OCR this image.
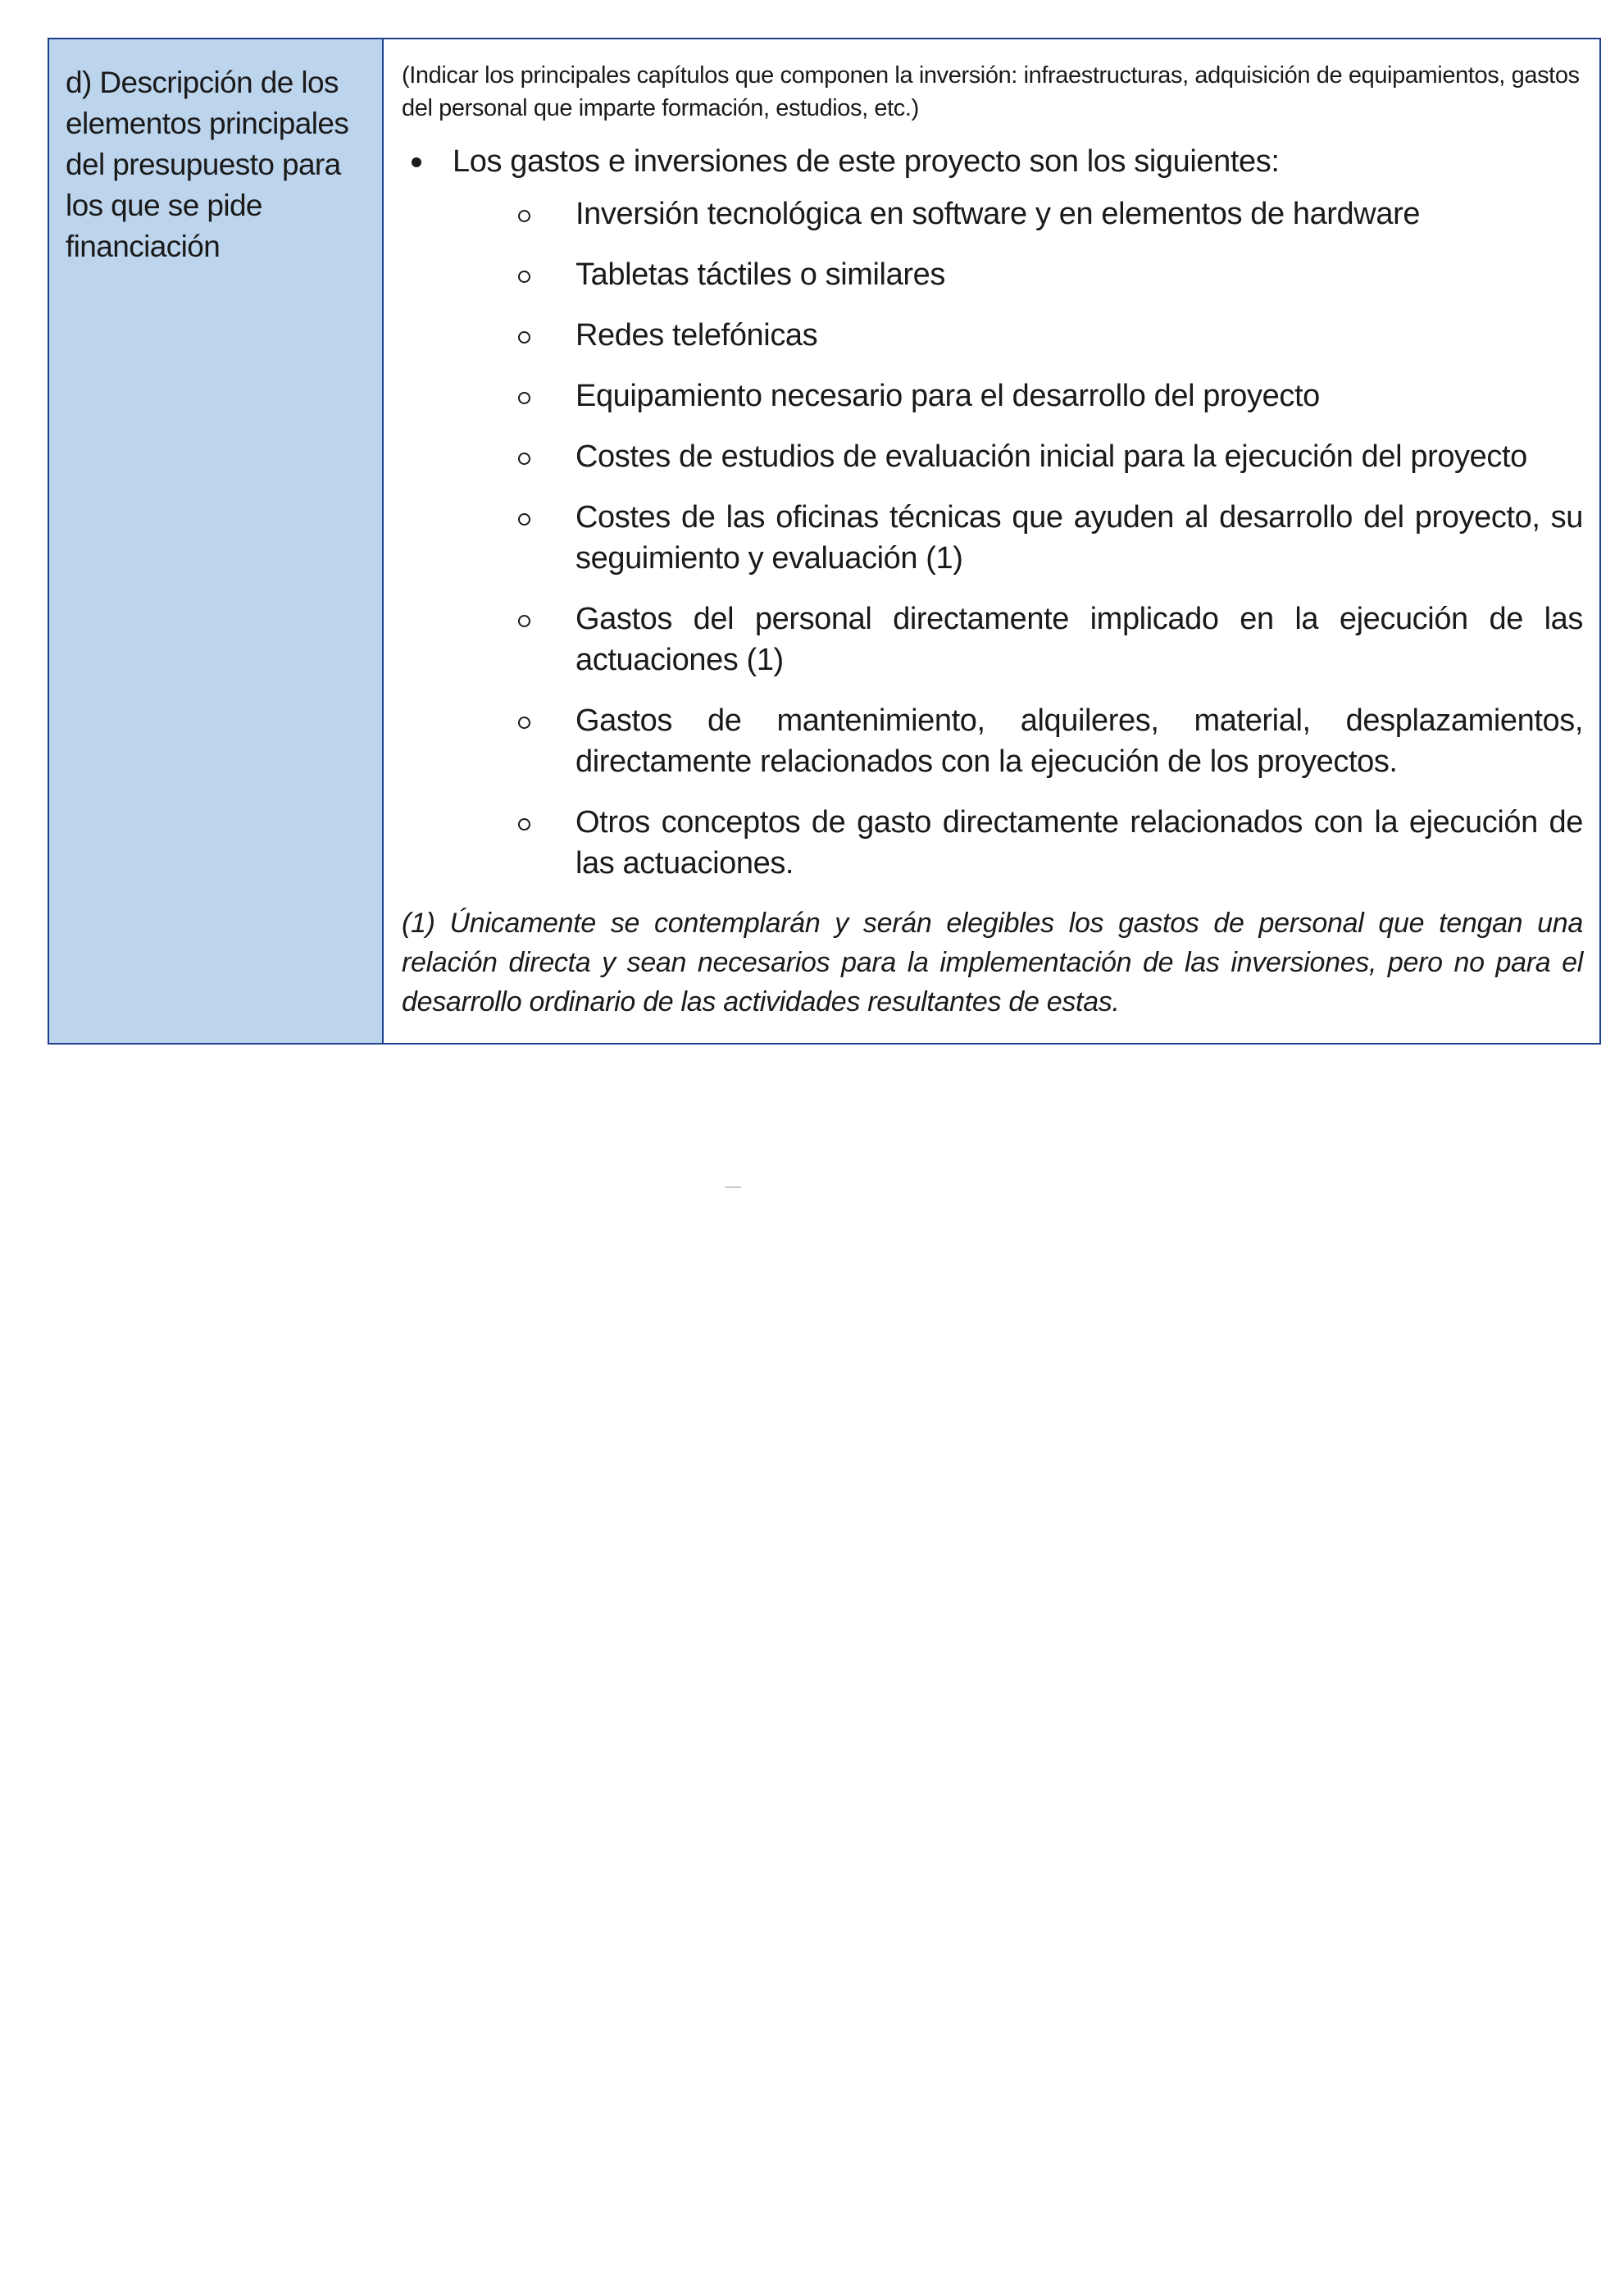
d) Descripción de los elementos principales del presupuesto para los que se pide financiación

(Indicar los principales capítulos que componen la inversión: infraestructuras, adquisición de equipamientos, gastos del personal que imparte formación, estudios, etc.)

Los gastos e inversiones de este proyecto son los siguientes:
Inversión tecnológica en software y en elementos de hardware
Tabletas táctiles o similares
Redes telefónicas
Equipamiento necesario para el desarrollo del proyecto
Costes de estudios de evaluación inicial para la ejecución del proyecto
Costes de las oficinas técnicas que ayuden al desarrollo del proyecto, su seguimiento y evaluación (1)
Gastos del personal directamente implicado en la ejecución de las actuaciones (1)
Gastos de mantenimiento, alquileres, material, desplazamientos, directamente relacionados con la ejecución de los proyectos.
Otros conceptos de gasto directamente relacionados con la ejecución de las actuaciones.

(1) Únicamente se contemplarán y serán elegibles los gastos de personal que tengan una relación directa y sean necesarios para la implementación de las inversiones, pero no para el desarrollo ordinario de las actividades resultantes de estas.
